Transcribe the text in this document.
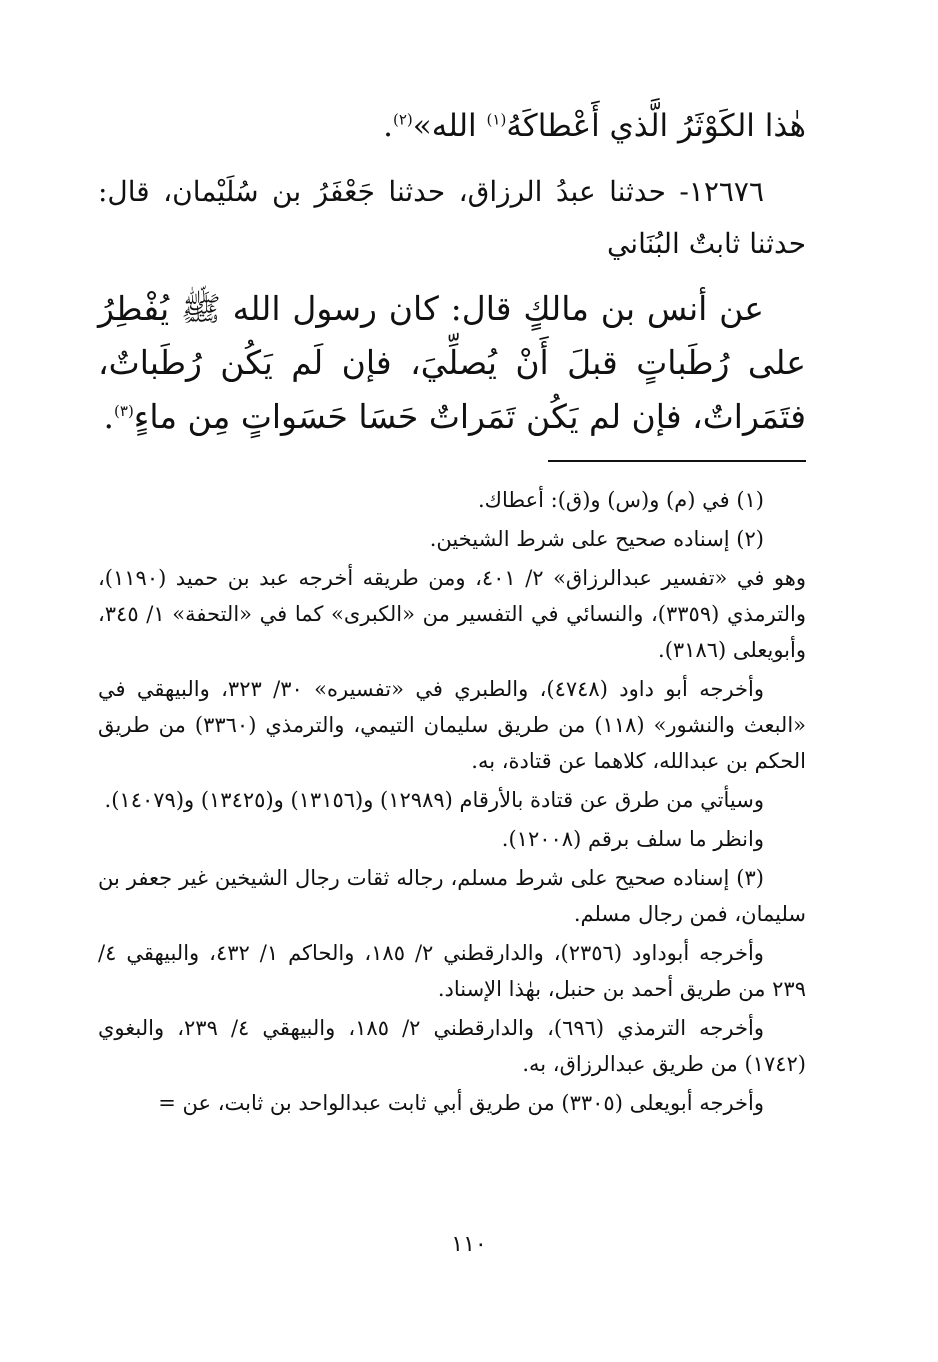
هٰذا الكَوْثَرُ الَّذي أَعْطاكَهُ$^{(١)}$ الله»$^{(٢)}$.

١٢٦٧٦- حدثنا عبدُ الرزاق، حدثنا جَعْفَرُ بن سُلَيْمان، قال: حدثنا ثابتٌ البُنَاني

عن أنس بن مالكٍ قال: كان رسول الله ﷺ يُفْطِرُ على رُطَباتٍ قبلَ أَنْ يُصلِّيَ، فإن لَم يَكُن رُطَباتٌ، فتَمَراتٌ، فإن لم يَكُن تَمَراتٌ حَسَا حَسَواتٍ مِن ماءٍ$^{(٣)}$.

(١) في (م) و(س) و(ق): أعطاك.

(٢) إسناده صحيح على شرط الشيخين.

وهو في «تفسير عبدالرزاق» ٢/ ٤٠١، ومن طريقه أخرجه عبد بن حميد (١١٩٠)، والترمذي (٣٣٥٩)، والنسائي في التفسير من «الكبرى» كما في «التحفة» ١/ ٣٤٥، وأبويعلى (٣١٨٦).

وأخرجه أبو داود (٤٧٤٨)، والطبري في «تفسيره» ٣٠/ ٣٢٣، والبيهقي في «البعث والنشور» (١١٨) من طريق سليمان التيمي، والترمذي (٣٣٦٠) من طريق الحكم بن عبدالله، كلاهما عن قتادة، به.

وسيأتي من طرق عن قتادة بالأرقام (١٢٩٨٩) و(١٣١٥٦) و(١٣٤٢٥) و(١٤٠٧٩).

وانظر ما سلف برقم (١٢٠٠٨).

(٣) إسناده صحيح على شرط مسلم، رجاله ثقات رجال الشيخين غير جعفر بن سليمان، فمن رجال مسلم.

وأخرجه أبوداود (٢٣٥٦)، والدارقطني ٢/ ١٨٥، والحاكم ١/ ٤٣٢، والبيهقي ٤/ ٢٣٩ من طريق أحمد بن حنبل، بهٰذا الإسناد.

وأخرجه الترمذي (٦٩٦)، والدارقطني ٢/ ١٨٥، والبيهقي ٤/ ٢٣٩، والبغوي (١٧٤٢) من طريق عبدالرزاق، به.

وأخرجه أبويعلى (٣٣٠٥) من طريق أبي ثابت عبدالواحد بن ثابت، عن =

١١٠
